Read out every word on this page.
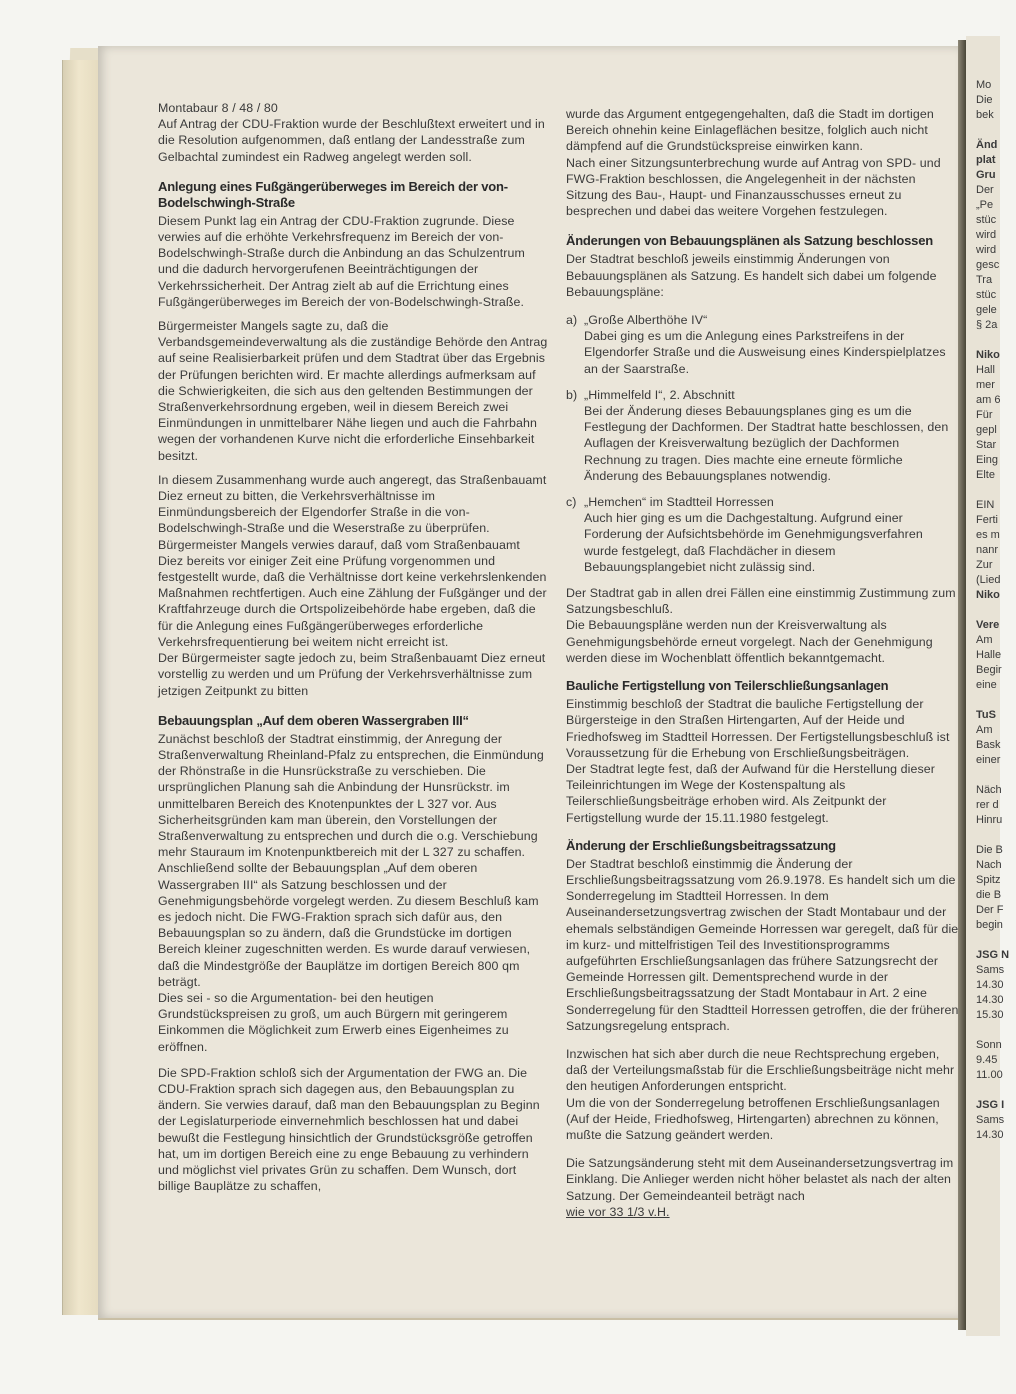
Montabaur 8 / 48 / 80

Auf Antrag der CDU-Fraktion wurde der Beschlußtext erweitert und in die Resolution aufgenommen, daß entlang der Landesstraße zum Gelbachtal zumindest ein Radweg angelegt werden soll.

Anlegung eines Fußgängerüberweges im Bereich der von-Bodelschwingh-Straße

Diesem Punkt lag ein Antrag der CDU-Fraktion zugrunde. Diese verwies auf die erhöhte Verkehrsfrequenz im Bereich der von-Bodelschwingh-Straße durch die Anbindung an das Schulzentrum und die dadurch hervorgerufenen Beeinträchtigungen der Verkehrssicherheit. Der Antrag zielt ab auf die Errichtung eines Fußgängerüberweges im Bereich der von-Bodelschwingh-Straße.

Bürgermeister Mangels sagte zu, daß die Verbandsgemeindeverwaltung als die zuständige Behörde den Antrag auf seine Realisierbarkeit prüfen und dem Stadtrat über das Ergebnis der Prüfungen berichten wird. Er machte allerdings aufmerksam auf die Schwierigkeiten, die sich aus den geltenden Bestimmungen der Straßenverkehrsordnung ergeben, weil in diesem Bereich zwei Einmündungen in unmittelbarer Nähe liegen und auch die Fahrbahn wegen der vorhandenen Kurve nicht die erforderliche Einsehbarkeit besitzt.

In diesem Zusammenhang wurde auch angeregt, das Straßenbauamt Diez erneut zu bitten, die Verkehrsverhältnisse im Einmündungsbereich der Elgendorfer Straße in die von-Bodelschwingh-Straße und die Weserstraße zu überprüfen.

Bürgermeister Mangels verwies darauf, daß vom Straßenbauamt Diez bereits vor einiger Zeit eine Prüfung vorgenommen und festgestellt wurde, daß die Verhältnisse dort keine verkehrslenkenden Maßnahmen rechtfertigen. Auch eine Zählung der Fußgänger und der Kraftfahrzeuge durch die Ortspolizeibehörde habe ergeben, daß die für die Anlegung eines Fußgängerüberweges erforderliche Verkehrsfrequentierung bei weitem nicht erreicht ist.

Der Bürgermeister sagte jedoch zu, beim Straßenbauamt Diez erneut vorstellig zu werden und um Prüfung der Verkehrsverhältnisse zum jetzigen Zeitpunkt zu bitten

Bebauungsplan „Auf dem oberen Wassergraben III“

Zunächst beschloß der Stadtrat einstimmig, der Anregung der Straßenverwaltung Rheinland-Pfalz zu entsprechen, die Einmündung der Rhönstraße in die Hunsrückstraße zu verschieben. Die ursprünglichen Planung sah die Anbindung der Hunsrückstr. im unmittelbaren Bereich des Knotenpunktes der L 327 vor. Aus Sicherheitsgründen kam man überein, den Vorstellungen der Straßenverwaltung zu entsprechen und durch die o.g. Verschiebung mehr Stauraum im Knotenpunktbereich mit der L 327 zu schaffen.

Anschließend sollte der Bebauungsplan „Auf dem oberen Wassergraben III“ als Satzung beschlossen und der Genehmigungsbehörde vorgelegt werden. Zu diesem Beschluß kam es jedoch nicht. Die FWG-Fraktion sprach sich dafür aus, den Bebauungsplan so zu ändern, daß die Grundstücke im dortigen Bereich kleiner zugeschnitten werden. Es wurde darauf verwiesen, daß die Mindestgröße der Bauplätze im dortigen Bereich 800 qm beträgt.

Dies sei - so die Argumentation- bei den heutigen Grundstückspreisen zu groß, um auch Bürgern mit geringerem Einkommen die Möglichkeit zum Erwerb eines Eigenheimes zu eröffnen.

Die SPD-Fraktion schloß sich der Argumentation der FWG an. Die CDU-Fraktion sprach sich dagegen aus, den Bebauungsplan zu ändern. Sie verwies darauf, daß man den Bebauungsplan zu Beginn der Legislaturperiode einvernehmlich beschlossen hat und dabei bewußt die Festlegung hinsichtlich der Grundstücksgröße getroffen hat, um im dortigen Bereich eine zu enge Bebauung zu verhindern und möglichst viel privates Grün zu schaffen. Dem Wunsch, dort billige Bauplätze zu schaffen,

wurde das Argument entgegengehalten, daß die Stadt im dortigen Bereich ohnehin keine Einlageflächen besitze, folglich auch nicht dämpfend auf die Grundstückspreise einwirken kann.

Nach einer Sitzungsunterbrechung wurde auf Antrag von SPD- und FWG-Fraktion beschlossen, die Angelegenheit in der nächsten Sitzung des Bau-, Haupt- und Finanzausschusses erneut zu besprechen und dabei das weitere Vorgehen festzulegen.

Änderungen von Bebauungsplänen als Satzung beschlossen

Der Stadtrat beschloß jeweils einstimmig Änderungen von Bebauungsplänen als Satzung. Es handelt sich dabei um folgende Bebauungspläne:

a) „Große Alberthöhe IV“
Dabei ging es um die Anlegung eines Parkstreifens in der Elgendorfer Straße und die Ausweisung eines Kinderspielplatzes an der Saarstraße.
b) „Himmelfeld I“, 2. Abschnitt
Bei der Änderung dieses Bebauungsplanes ging es um die Festlegung der Dachformen. Der Stadtrat hatte beschlossen, den Auflagen der Kreisverwaltung bezüglich der Dachformen Rechnung zu tragen. Dies machte eine erneute förmliche Änderung des Bebauungsplanes notwendig.
c) „Hemchen“ im Stadtteil Horressen
Auch hier ging es um die Dachgestaltung. Aufgrund einer Forderung der Aufsichtsbehörde im Genehmigungsverfahren wurde festgelegt, daß Flachdächer in diesem Bebauungsplangebiet nicht zulässig sind.

Der Stadtrat gab in allen drei Fällen eine einstimmig Zustimmung zum Satzungsbeschluß.

Die Bebauungspläne werden nun der Kreisverwaltung als Genehmigungsbehörde erneut vorgelegt. Nach der Genehmigung werden diese im Wochenblatt öffentlich bekanntgemacht.

Bauliche Fertigstellung von Teilerschließungsanlagen

Einstimmig beschloß der Stadtrat die bauliche Fertigstellung der Bürgersteige in den Straßen Hirtengarten, Auf der Heide und Friedhofsweg im Stadtteil Horressen. Der Fertigstellungsbeschluß ist Voraussetzung für die Erhebung von Erschließungsbeiträgen.

Der Stadtrat legte fest, daß der Aufwand für die Herstellung dieser Teileinrichtungen im Wege der Kostenspaltung als Teilerschließungsbeiträge erhoben wird. Als Zeitpunkt der Fertigstellung wurde der 15.11.1980 festgelegt.

Änderung der Erschließungsbeitragssatzung

Der Stadtrat beschloß einstimmig die Änderung der Erschließungsbeitragssatzung vom 26.9.1978. Es handelt sich um die Sonderregelung im Stadtteil Horressen. In dem Auseinandersetzungsvertrag zwischen der Stadt Montabaur und der ehemals selbständigen Gemeinde Horressen war geregelt, daß für die im kurz- und mittelfristigen Teil des Investitionsprogramms aufgeführten Erschließungsanlagen das frühere Satzungsrecht der Gemeinde Horressen gilt. Dementsprechend wurde in der Erschließungsbeitragssatzung der Stadt Montabaur in Art. 2 eine Sonderregelung für den Stadtteil Horressen getroffen, die der früheren Satzungsregelung entsprach.

Inzwischen hat sich aber durch die neue Rechtsprechung ergeben, daß der Verteilungsmaßstab für die Erschließungsbeiträge nicht mehr den heutigen Anforderungen entspricht.

Um die von der Sonderregelung betroffenen Erschließungsanlagen (Auf der Heide, Friedhofsweg, Hirtengarten) abrechnen zu können, mußte die Satzung geändert werden.

Die Satzungsänderung steht mit dem Auseinandersetzungsvertrag im Einklang. Die Anlieger werden nicht höher belastet als nach der alten Satzung. Der Gemeindeanteil beträgt nach

wie vor 33 1/3 v.H.

Mo
Die
bek
Änd
plat
Gru
Der
„Pe
stüc
wird
wird
gesc
Tra
stüc
gele
§ 2a
Niko
Hall
mer
am 6
Für
gepl
Star
Eing
Elte
EIN
Ferti
es m
nanr
Zur
(Lied
Niko
Vere
Am
Halle
Begir
eine
TuS
Am
Bask
einer
Näch
rer d
Hinru
Die B
Nach
Spitz
die B
Der F
begin
JSG N
Sams
14.30
14.30
15.30
Sonn
9.45
11.00
JSG I
Sams
14.30
